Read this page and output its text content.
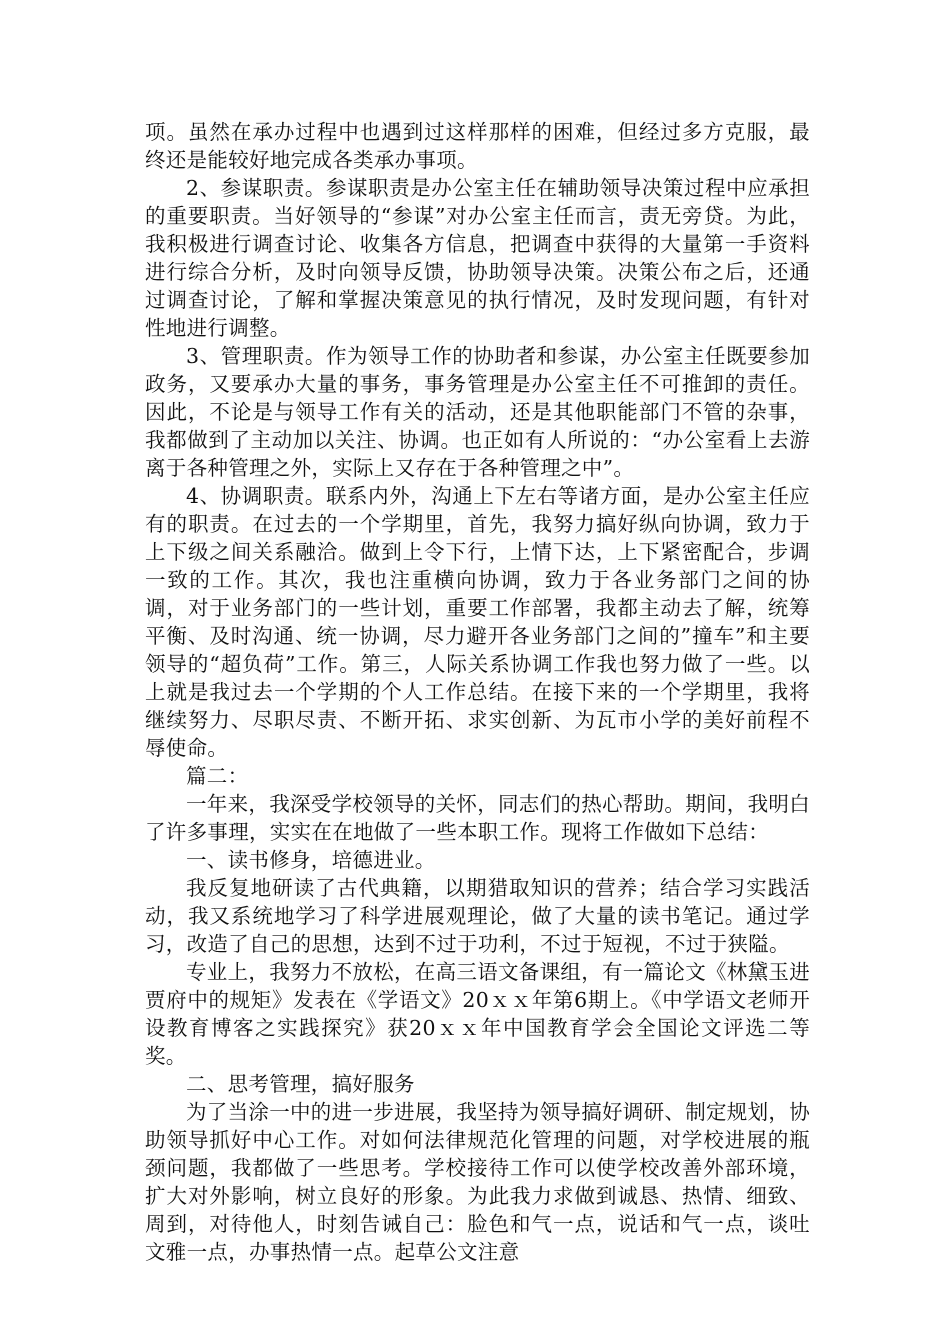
项。虽然在承办过程中也遇到过这样那样的困难，但经过多方克服，最终还是能较好地完成各类承办事项。

2、参谋职责。参谋职责是办公室主任在辅助领导决策过程中应承担的重要职责。当好领导的“参谋”对办公室主任而言，责无旁贷。为此，我积极进行调查讨论、收集各方信息，把调查中获得的大量第一手资料进行综合分析，及时向领导反馈，协助领导决策。决策公布之后，还通过调查讨论，了解和掌握决策意见的执行情况，及时发现问题，有针对性地进行调整。

3、管理职责。作为领导工作的协助者和参谋，办公室主任既要参加政务，又要承办大量的事务，事务管理是办公室主任不可推卸的责任。因此，不论是与领导工作有关的活动，还是其他职能部门不管的杂事，我都做到了主动加以关注、协调。也正如有人所说的：“办公室看上去游离于各种管理之外，实际上又存在于各种管理之中”。

4、协调职责。联系内外，沟通上下左右等诸方面，是办公室主任应有的职责。在过去的一个学期里，首先，我努力搞好纵向协调，致力于上下级之间关系融洽。做到上令下行，上情下达，上下紧密配合，步调一致的工作。其次，我也注重横向协调，致力于各业务部门之间的协调，对于业务部门的一些计划，重要工作部署，我都主动去了解，统筹平衡、及时沟通、统一协调，尽力避开各业务部门之间的”撞车”和主要领导的“超负荷”工作。第三，人际关系协调工作我也努力做了一些。以上就是我过去一个学期的个人工作总结。在接下来的一个学期里，我将继续努力、尽职尽责、不断开拓、求实创新、为瓦市小学的美好前程不辱使命。

篇二：

一年来，我深受学校领导的关怀，同志们的热心帮助。期间，我明白了许多事理，实实在在地做了一些本职工作。现将工作做如下总结：

一、读书修身，培德进业。

我反复地研读了古代典籍，以期猎取知识的营养；结合学习实践活动，我又系统地学习了科学进展观理论，做了大量的读书笔记。通过学习，改造了自己的思想，达到不过于功利，不过于短视，不过于狭隘。

专业上，我努力不放松，在高三语文备课组，有一篇论文《林黛玉进贾府中的规矩》发表在《学语文》20ｘｘ年第6期上。《中学语文老师开设教育博客之实践探究》获20ｘｘ年中国教育学会全国论文评选二等奖。

二、思考管理，搞好服务

为了当涂一中的进一步进展，我坚持为领导搞好调研、制定规划，协助领导抓好中心工作。对如何法律规范化管理的问题，对学校进展的瓶颈问题，我都做了一些思考。学校接待工作可以使学校改善外部环境，扩大对外影响，树立良好的形象。为此我力求做到诚恳、热情、细致、周到，对待他人，时刻告诫自己：脸色和气一点，说话和气一点，谈吐文雅一点，办事热情一点。起草公文注意
